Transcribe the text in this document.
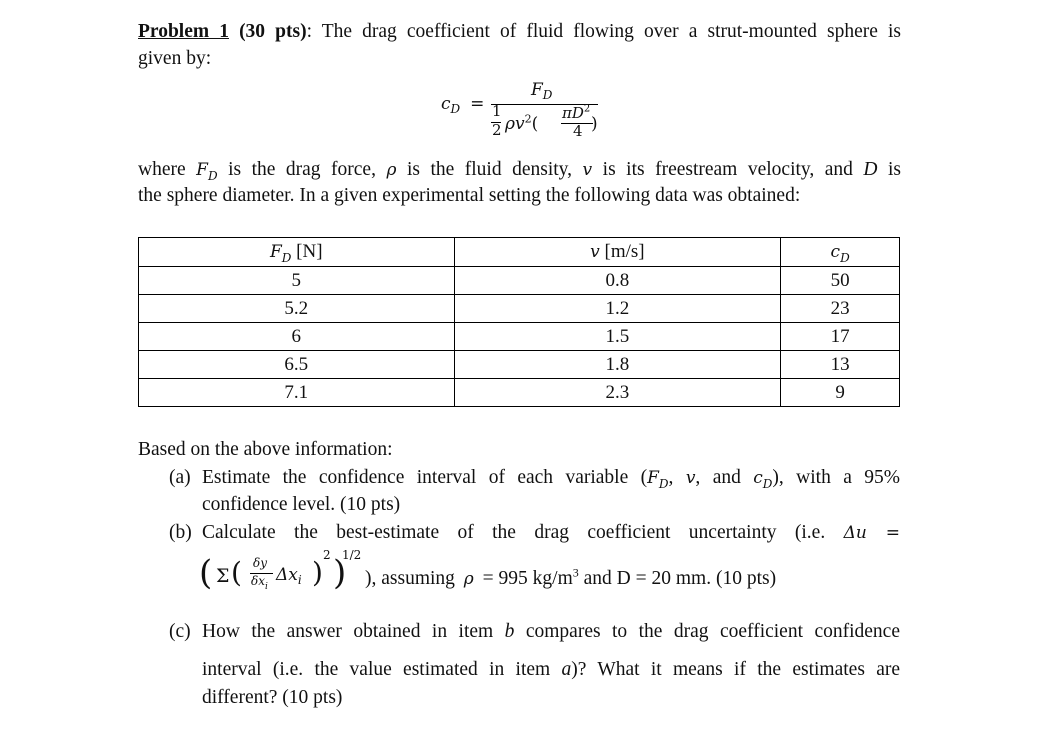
Problem 1 (30 pts): The drag coefficient of fluid flowing over a strut-mounted sphere is
given by:
$c_D$ =
$F_D$
1
2 $\rho v^2$(
$\pi D^2$
4 )
where $F_D$ is the drag force, ρ is the fluid density, v is its freestream velocity, and D is
the sphere diameter. In a given experimental setting the following data was obtained:
$F_D$ [N]	v [m/s]	$c_D$
5	0.8	50
5.2	1.2	23
6	1.5	17
6.5	1.8	13
7.1	2.3	9
Based on the above information:
(a) Estimate the confidence interval of each variable ($F_D$, v, and $c_D$), with a 95%
confidence level. (10 pts)
(b) Calculate the best-estimate of the drag coefficient uncertainty (i.e. Δu =
( Σ ( δy
$\delta x_i$
$\Delta x_i$ )
2 )
1/2
), assuming ρ = 995 $kg/m^3$ and D = 20 mm. (10 pts)
(c) How the answer obtained in item b compares to the drag coefficient confidence
interval (i.e. the value estimated in item a)? What it means if the estimates are
different? (10 pts)
